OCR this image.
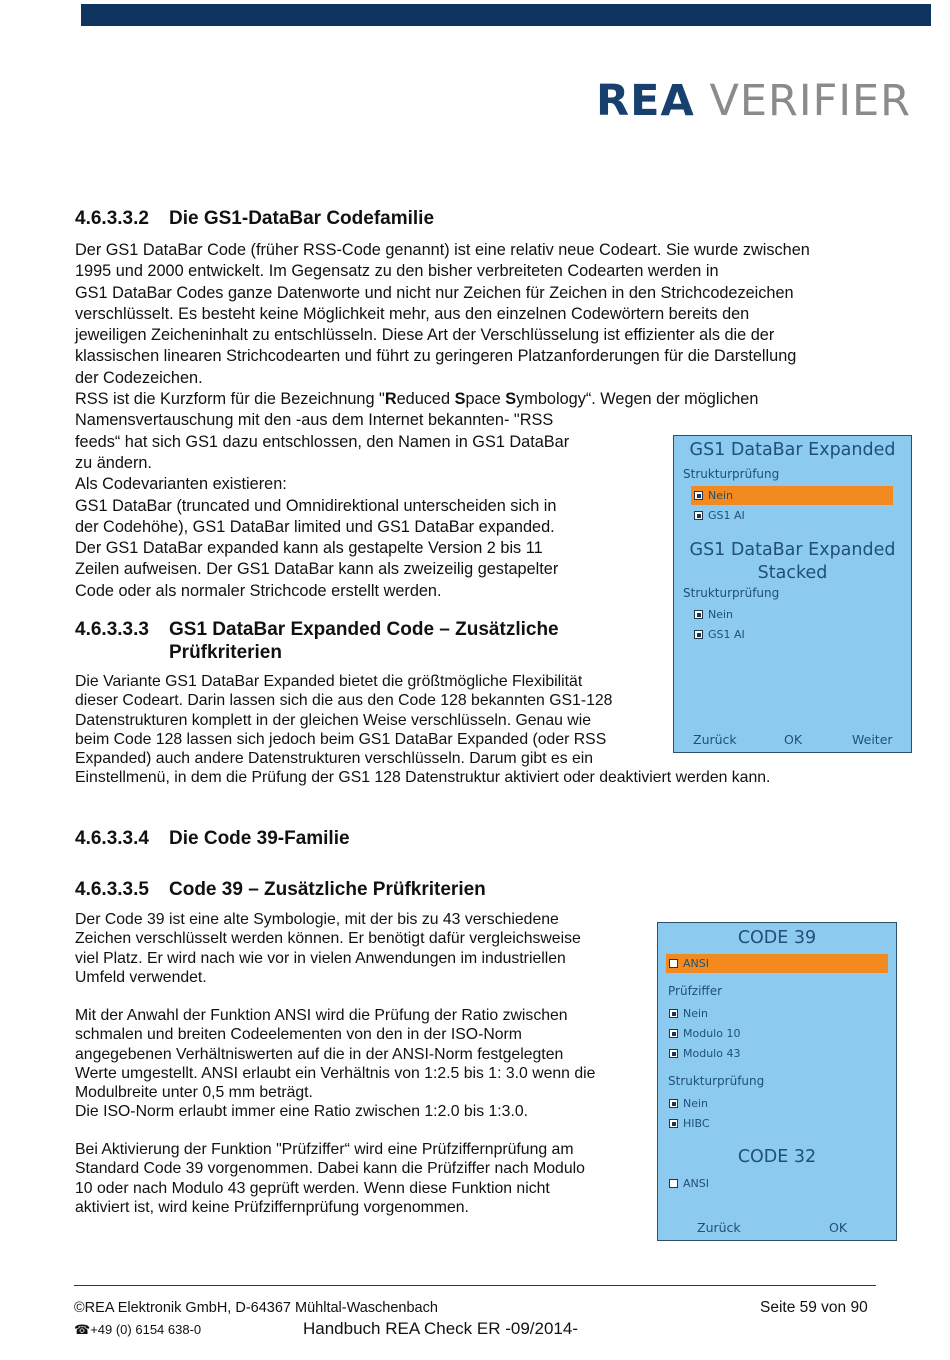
REA VERIFIER
4.6.3.3.2 Die GS1-DataBar Codefamilie
Der GS1 DataBar Code (früher RSS-Code genannt) ist eine relativ neue Codeart. Sie wurde zwischen
1995 und 2000 entwickelt. Im Gegensatz zu den bisher verbreiteten Codearten werden in
GS1 DataBar Codes ganze Datenworte und nicht nur Zeichen für Zeichen in den Strichcodezeichen
verschlüsselt. Es besteht keine Möglichkeit mehr, aus den einzelnen Codewörtern bereits den
jeweiligen Zeicheninhalt zu entschlüsseln. Diese Art der Verschlüsselung ist effizienter als die der
klassischen linearen Strichcodearten und führt zu geringeren Platzanforderungen für die Darstellung
der Codezeichen.
RSS ist die Kurzform für die Bezeichnung "Reduced Space Symbology“. Wegen der möglichen
Namensvertauschung mit den -aus dem Internet bekannten- "RSS
feeds“ hat sich GS1 dazu entschlossen, den Namen in GS1 DataBar
zu ändern.
Als Codevarianten existieren:
GS1 DataBar (truncated und Omnidirektional unterscheiden sich in
der Codehöhe), GS1 DataBar limited und GS1 DataBar expanded.
Der GS1 DataBar expanded kann als gestapelte Version 2 bis 11
Zeilen aufweisen. Der GS1 DataBar kann als zweizeilig gestapelter
Code oder als normaler Strichcode erstellt werden.
4.6.3.3.3 GS1 DataBar Expanded Code – Zusätzliche
Prüfkriterien
Die Variante GS1 DataBar Expanded bietet die größtmögliche Flexibilität
dieser Codeart. Darin lassen sich die aus den Code 128 bekannten GS1-128
Datenstrukturen komplett in der gleichen Weise verschlüsseln. Genau wie
beim Code 128 lassen sich jedoch beim GS1 DataBar Expanded (oder RSS
Expanded) auch andere Datenstrukturen verschlüsseln. Darum gibt es ein
Einstellmenü, in dem die Prüfung der GS1 128 Datenstruktur aktiviert oder deaktiviert werden kann.
4.6.3.3.4 Die Code 39-Familie
4.6.3.3.5 Code 39 – Zusätzliche Prüfkriterien
Der Code 39 ist eine alte Symbologie, mit der bis zu 43 verschiedene
Zeichen verschlüsselt werden können. Er benötigt dafür vergleichsweise
viel Platz. Er wird nach wie vor in vielen Anwendungen im industriellen
Umfeld verwendet.
Mit der Anwahl der Funktion ANSI wird die Prüfung der Ratio zwischen
schmalen und breiten Codeelementen von den in der ISO-Norm
angegebenen Verhältniswerten auf die in der ANSI-Norm festgelegten
Werte umgestellt. ANSI erlaubt ein Verhältnis von 1:2.5 bis 1: 3.0 wenn die
Modulbreite unter 0,5 mm beträgt.
Die ISO-Norm erlaubt immer eine Ratio zwischen 1:2.0 bis 1:3.0.
Bei Aktivierung der Funktion "Prüfziffer“ wird eine Prüfziffernprüfung am
Standard Code 39 vorgenommen. Dabei kann die Prüfziffer nach Modulo
10 oder nach Modulo 43 geprüft werden. Wenn diese Funktion nicht
aktiviert ist, wird keine Prüfziffernprüfung vorgenommen.
GS1 DataBar Expanded
Strukturprüfung
Nein
GS1 AI
GS1 DataBar Expanded
Stacked
Strukturprüfung
Nein
GS1 AI
Zurück	OK	Weiter
CODE 39
ANSI
Prüfziffer
Nein
Modulo 10
Modulo 43
Strukturprüfung
Nein
HIBC
CODE 32
ANSI
Zurück	OK
©REA Elektronik GmbH, D-64367 Mühltal-Waschenbach	Seite 59 von 90
☎+49 (0) 6154 638-0	Handbuch REA Check ER -09/2014-
